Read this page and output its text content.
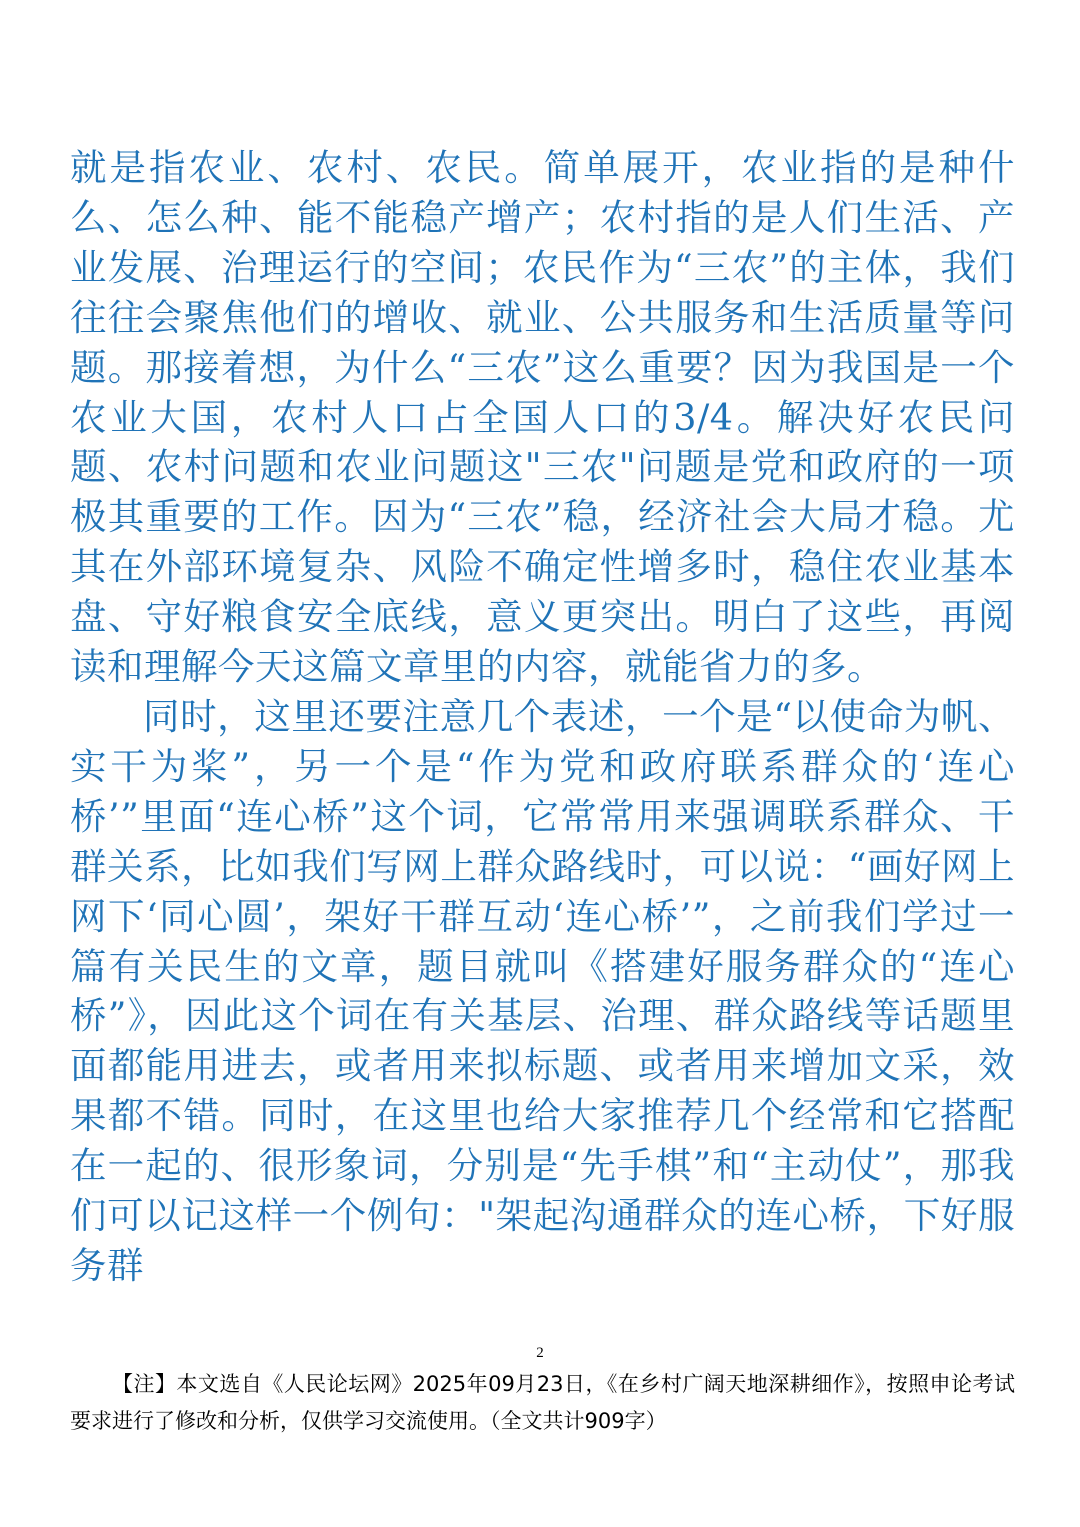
就是指农业、农村、农民。简单展开，农业指的是种什么、怎么种、能不能稳产增产；农村指的是人们生活、产业发展、治理运行的空间；农民作为“三农”的主体，我们往往会聚焦他们的增收、就业、公共服务和生活质量等问题。那接着想，为什么“三农”这么重要？因为我国是一个农业大国，农村人口占全国人口的3/4。解决好农民问题、农村问题和农业问题这"三农"问题是党和政府的一项极其重要的工作。因为“三农”稳，经济社会大局才稳。尤其在外部环境复杂、风险不确定性增多时，稳住农业基本盘、守好粮食安全底线，意义更突出。明白了这些，再阅读和理解今天这篇文章里的内容，就能省力的多。

同时，这里还要注意几个表述，一个是“以使命为帆、实干为桨”，另一个是“作为党和政府联系群众的‘连心桥’”里面“连心桥”这个词，它常常用来强调联系群众、干群关系，比如我们写网上群众路线时，可以说：“画好网上网下‘同心圆’，架好干群互动‘连心桥’”，之前我们学过一篇有关民生的文章，题目就叫《搭建好服务群众的“连心桥”》，因此这个词在有关基层、治理、群众路线等话题里面都能用进去，或者用来拟标题、或者用来增加文采，效果都不错。同时，在这里也给大家推荐几个经常和它搭配在一起的、很形象词，分别是“先手棋”和“主动仗”，那我们可以记这样一个例句："架起沟通群众的连心桥，下好服务群

2

【注】本文选自《人民论坛网》2025年09月23日，《在乡村广阔天地深耕细作》，按照申论考试要求进行了修改和分析，仅供学习交流使用。（全文共计909字）
